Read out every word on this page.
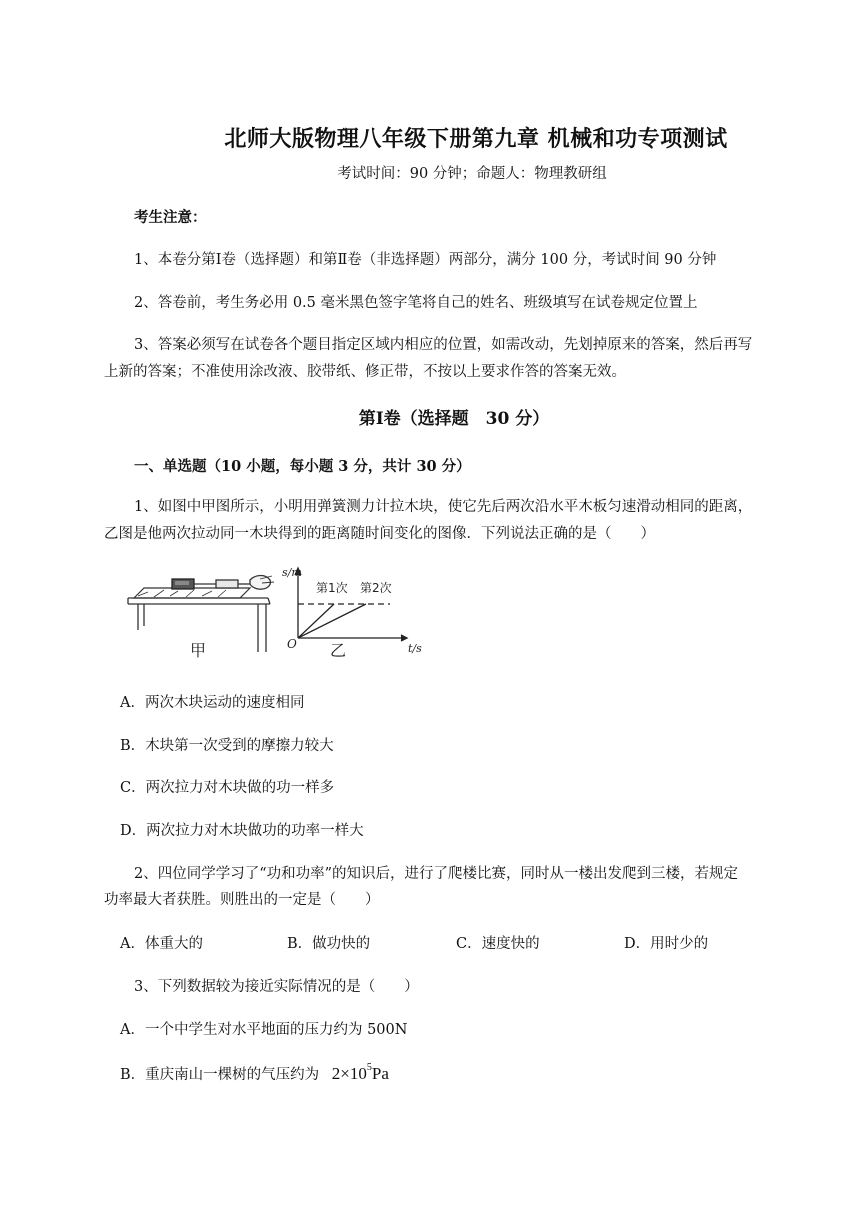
北师大版物理八年级下册第九章 机械和功专项测试
考试时间：90 分钟；命题人：物理教研组
考生注意：
1、本卷分第Ⅰ卷（选择题）和第Ⅱ卷（非选择题）两部分，满分 100 分，考试时间 90 分钟
2、答卷前，考生务必用 0.5 毫米黑色签字笔将自己的姓名、班级填写在试卷规定位置上
3、答案必须写在试卷各个题目指定区域内相应的位置，如需改动，先划掉原来的答案，然后再写
上新的答案；不准使用涂改液、胶带纸、修正带，不按以上要求作答的答案无效。
第Ⅰ卷（选择题　30 分）
一、单选题（10 小题，每小题 3 分，共计 30 分）
1、如图中甲图所示，小明用弹簧测力计拉木块，使它先后两次沿水平木板匀速滑动相同的距离，
乙图是他两次拉动同一木块得到的距离随时间变化的图像．下列说法正确的是（　　）
甲
s/m
t/s
O
第1次 第2次
乙
A．两次木块运动的速度相同
B．木块第一次受到的摩擦力较大
C．两次拉力对木块做的功一样多
D．两次拉力对木块做功的功率一样大
2、四位同学学习了“功和功率”的知识后，进行了爬楼比赛，同时从一楼出发爬到三楼，若规定
功率最大者获胜。则胜出的一定是（　　）
A．体重大的	B．做功快的	C．速度快的	D．用时少的
3、下列数据较为接近实际情况的是（　　）
A．一个中学生对水平地面的压力约为 500N
B．重庆南山一棵树的气压约为 $2\times 10^5Pa$
